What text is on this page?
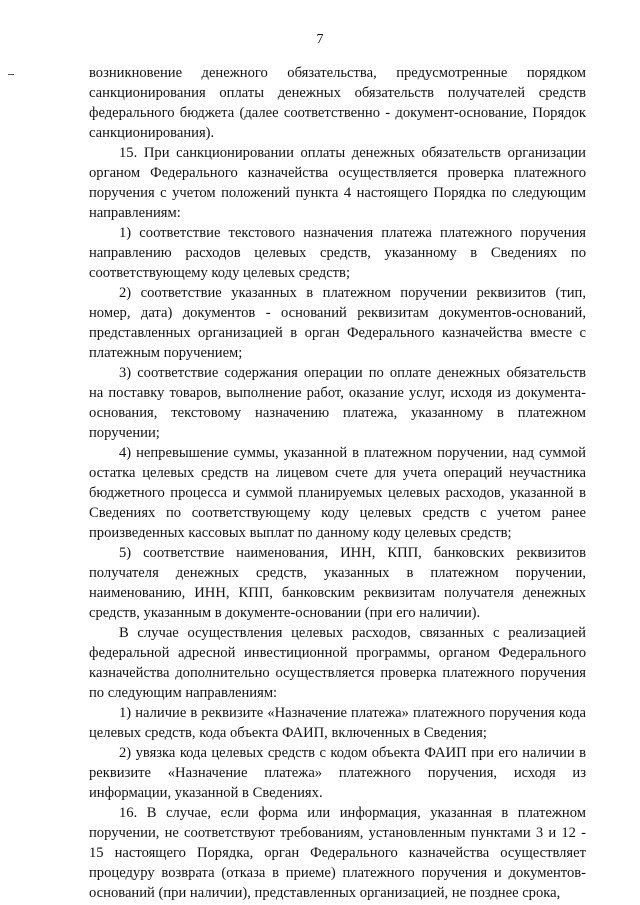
7

возникновение денежного обязательства, предусмотренные порядком санкционирования оплаты денежных обязательств получателей средств федерального бюджета (далее соответственно - документ-основание, Порядок санкционирования).

15. При санкционировании оплаты денежных обязательств организации органом Федерального казначейства осуществляется проверка платежного поручения с учетом положений пункта 4 настоящего Порядка по следующим направлениям:

1) соответствие текстового назначения платежа платежного поручения направлению расходов целевых средств, указанному в Сведениях по соответствующему коду целевых средств;

2) соответствие указанных в платежном поручении реквизитов (тип, номер, дата) документов - оснований реквизитам документов-оснований, представленных организацией в орган Федерального казначейства вместе с платежным поручением;

3) соответствие содержания операции по оплате денежных обязательств на поставку товаров, выполнение работ, оказание услуг, исходя из документа-основания, текстовому назначению платежа, указанному в платежном поручении;

4) непревышение суммы, указанной в платежном поручении, над суммой остатка целевых средств на лицевом счете для учета операций неучастника бюджетного процесса и суммой планируемых целевых расходов, указанной в Сведениях по соответствующему коду целевых средств с учетом ранее произведенных кассовых выплат по данному коду целевых средств;

5) соответствие наименования, ИНН, КПП, банковских реквизитов получателя денежных средств, указанных в платежном поручении, наименованию, ИНН, КПП, банковским реквизитам получателя денежных средств, указанным в документе-основании (при его наличии).

В случае осуществления целевых расходов, связанных с реализацией федеральной адресной инвестиционной программы, органом Федерального казначейства дополнительно осуществляется проверка платежного поручения по следующим направлениям:

1) наличие в реквизите «Назначение платежа» платежного поручения кода целевых средств, кода объекта ФАИП, включенных в Сведения;

2) увязка кода целевых средств с кодом объекта ФАИП при его наличии в реквизите «Назначение платежа» платежного поручения, исходя из информации, указанной в Сведениях.

16. В случае, если форма или информация, указанная в платежном поручении, не соответствуют требованиям, установленным пунктами 3 и 12 - 15 настоящего Порядка, орган Федерального казначейства осуществляет процедуру возврата (отказа в приеме) платежного поручения и документов-оснований (при наличии), представленных организацией, не позднее срока,
